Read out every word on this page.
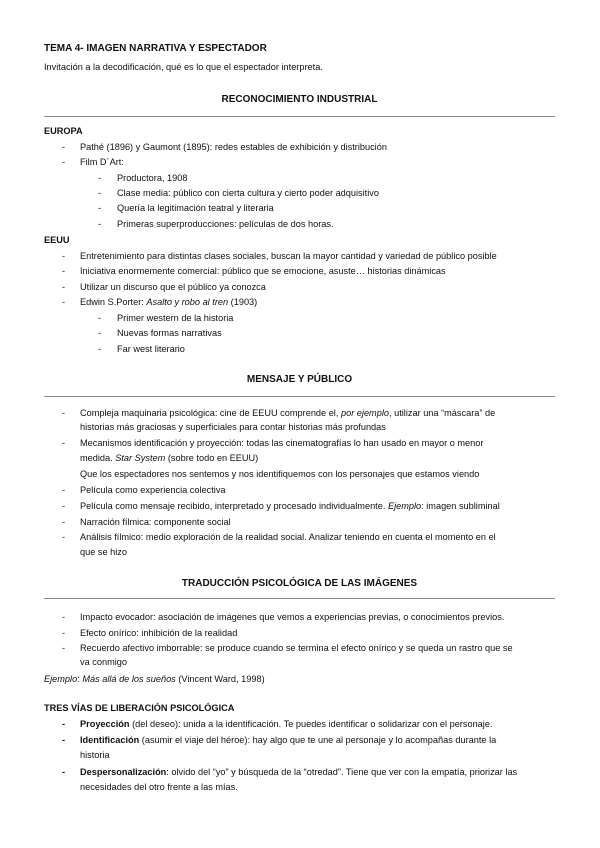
TEMA 4- IMAGEN NARRATIVA Y ESPECTADOR
Invitación a la decodificación, qué es lo que el espectador interpreta.
RECONOCIMIENTO INDUSTRIAL
EUROPA
- Pathé (1896) y Gaumont (1895): redes estables de exhibición y distribución
- Film D´Art:
- Productora, 1908
- Clase media: público con cierta cultura y cierto poder adquisitivo
- Quería la legitimación teatral y literaria
- Primeras superproducciones: películas de dos horas.
EEUU
- Entretenimiento para distintas clases sociales, buscan la mayor cantidad y variedad de público posible
- Iniciativa enormemente comercial: público que se emocione, asuste… historias dinámicas
- Utilizar un discurso que el público ya conozca
- Edwin S.Porter: Asalto y robo al tren (1903)
- Primer western de la historia
- Nuevas formas narrativas
- Far west literario
MENSAJE Y PÚBLICO
- Compleja maquinaria psicológica: cine de EEUU comprende el, por ejemplo, utilizar una “máscara” de
historias más graciosas y superficiales para contar historias más profundas
- Mecanismos identificación y proyección: todas las cinematografías lo han usado en mayor o menor
medida. Star System (sobre todo en EEUU)
Que los espectadores nos sentemos y nos identifiquemos con los personajes que estamos viendo
- Película como experiencia colectiva
- Película como mensaje recibido, interpretado y procesado individualmente. Ejemplo: imagen subliminal
- Narración fílmica: componente social
- Análisis fílmico: medio exploración de la realidad social. Analizar teniendo en cuenta el momento en el
que se hizo
TRADUCCIÓN PSICOLÓGICA DE LAS IMÁGENES
- Impacto evocador: asociación de imágenes que vemos a experiencias previas, o conocimientos previos.
- Efecto onírico: inhibición de la realidad
- Recuerdo afectivo imborrable: se produce cuando se termina el efecto onírico y se queda un rastro que se
va conmigo
Ejemplo: Más allá de los sueños (Vincent Ward, 1998)
TRES VÍAS DE LIBERACIÓN PSICOLÓGICA
- Proyección (del deseo): unida a la identificación. Te puedes identificar o solidarizar con el personaje.
- Identificación (asumir el viaje del héroe): hay algo que te une al personaje y lo acompañas durante la
historia
- Despersonalización: olvido del “yo” y búsqueda de la “otredad”. Tiene que ver con la empatía, priorizar las
necesidades del otro frente a las mías.
